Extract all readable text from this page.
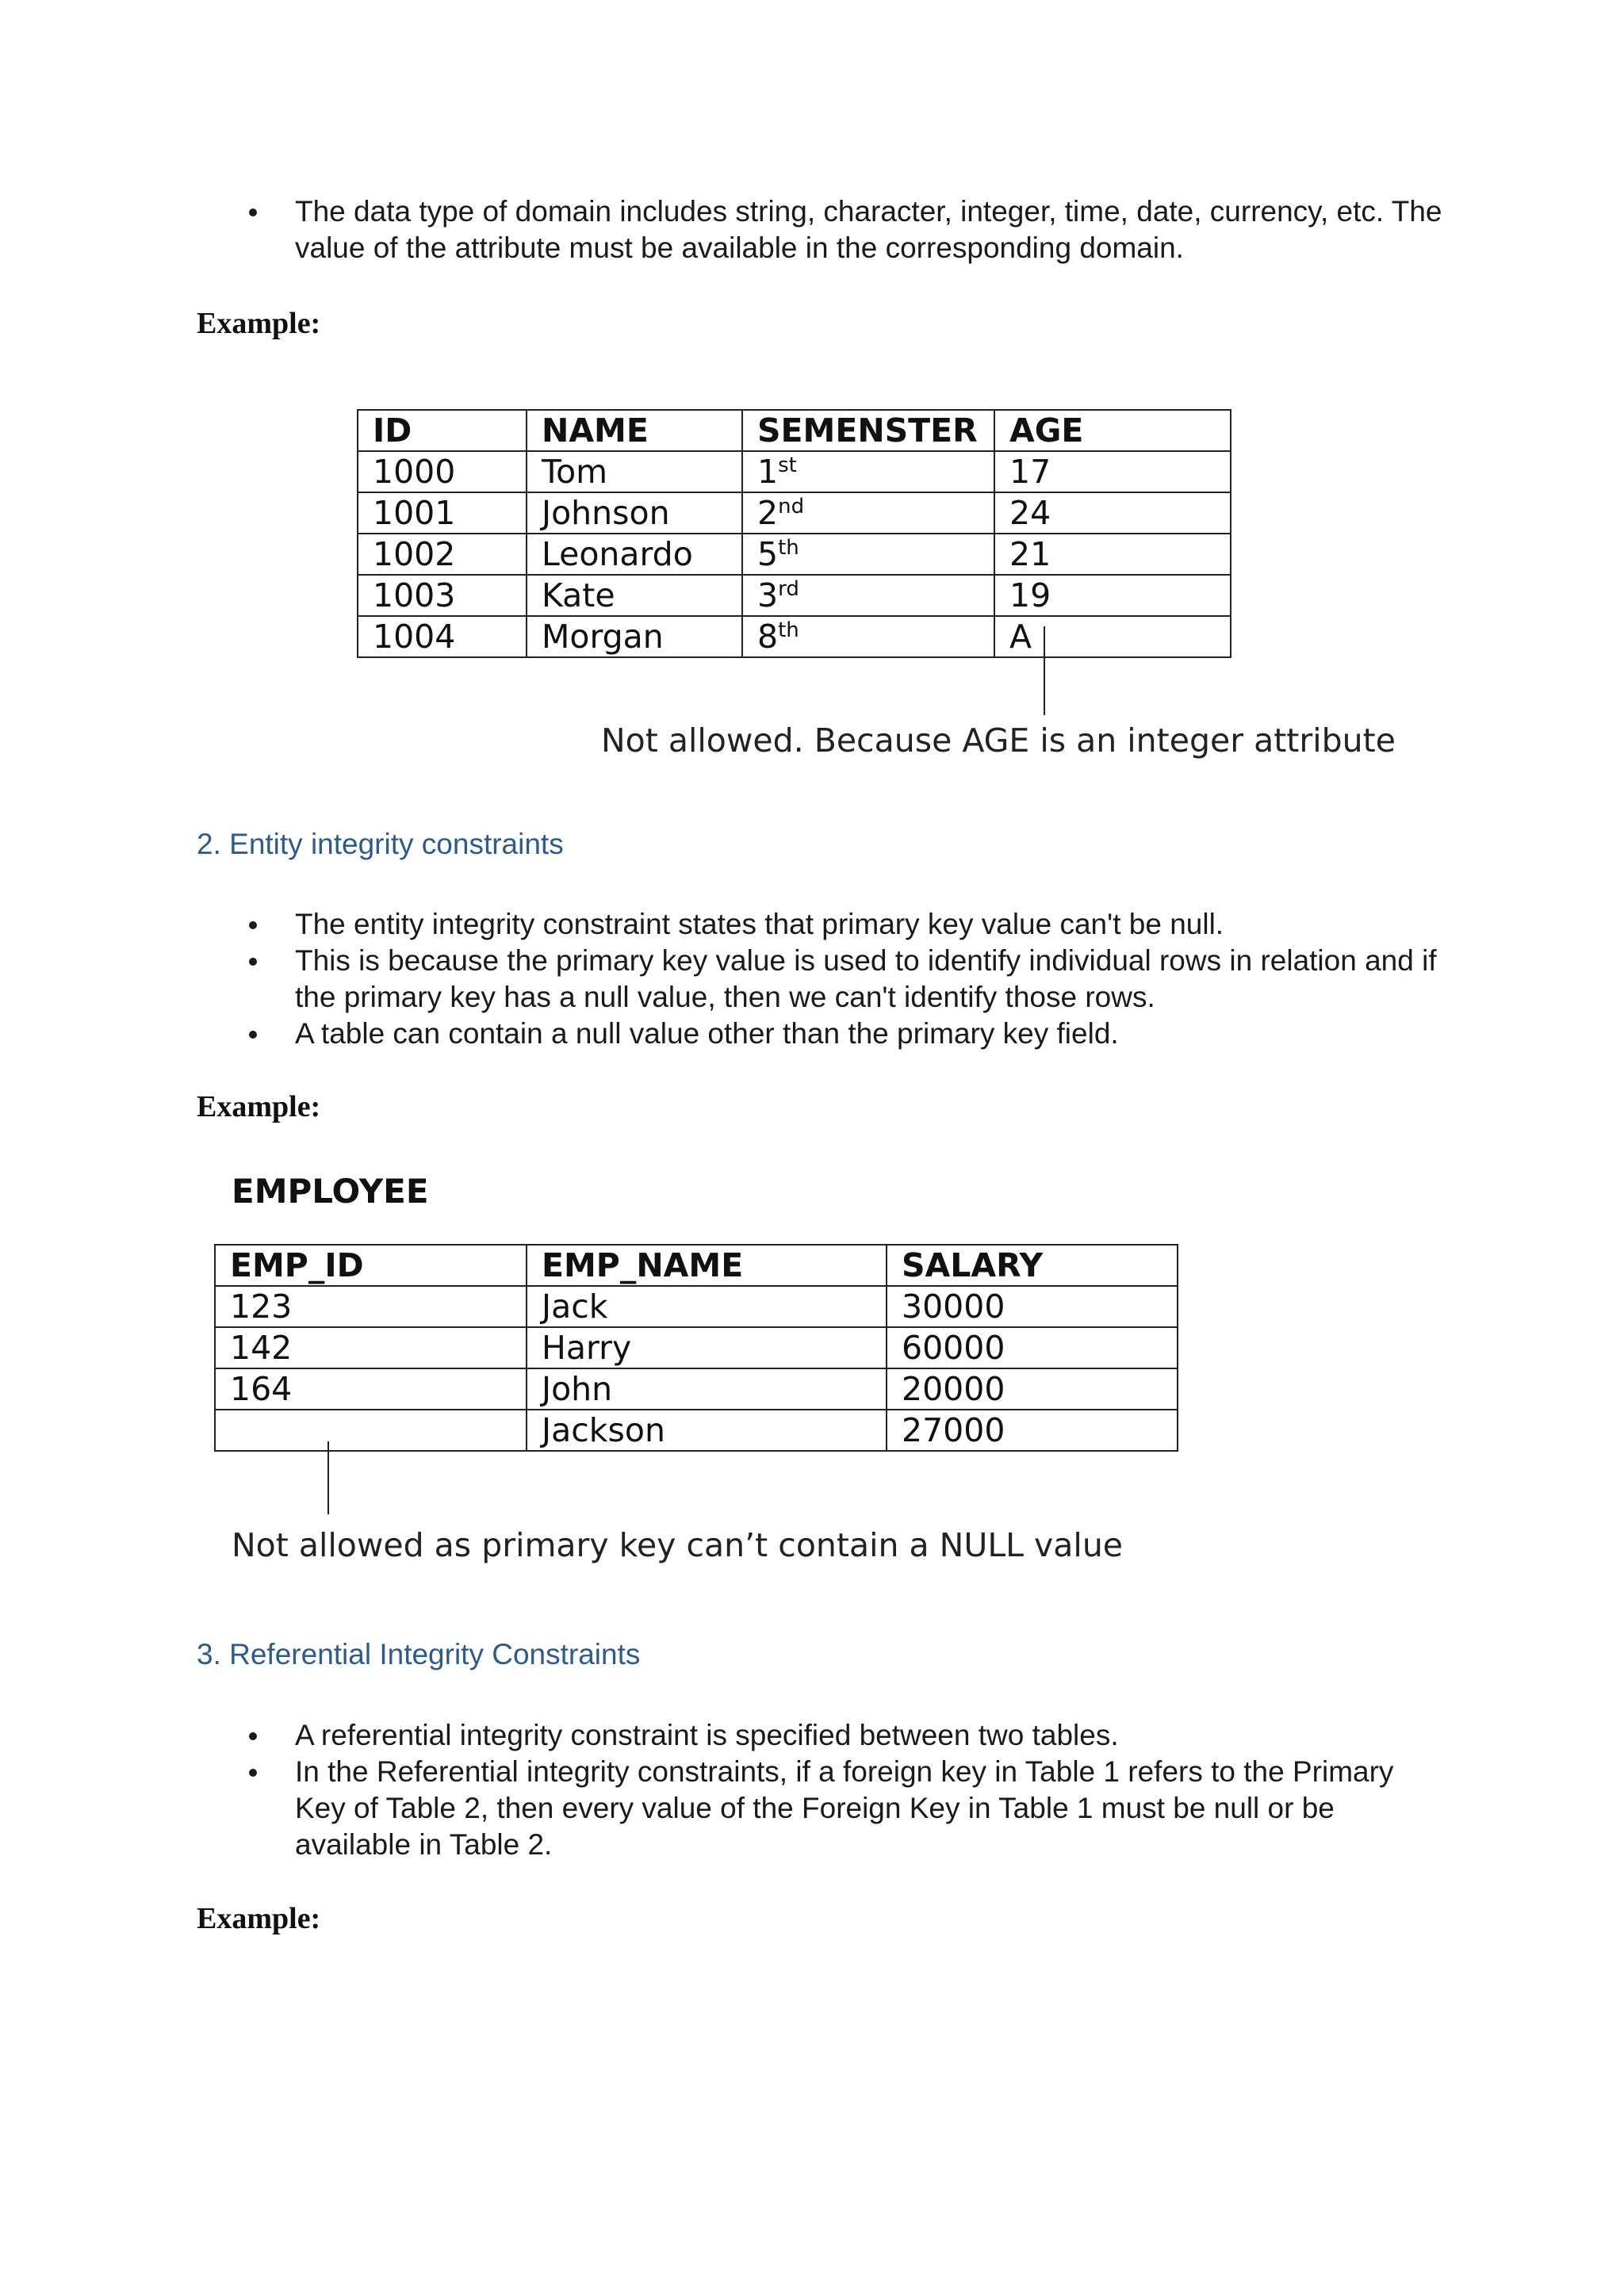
The data type of domain includes string, character, integer, time, date, currency, etc. The value of the attribute must be available in the corresponding domain.
Example:
ID	NAME	SEMENSTER	AGE
1000	Tom	1st	17
1001	Johnson	2nd	24
1002	Leonardo	5th	21
1003	Kate	3rd	19
1004	Morgan	8th	A
Not allowed. Because AGE is an integer attribute
2. Entity integrity constraints
The entity integrity constraint states that primary key value can't be null.
This is because the primary key value is used to identify individual rows in relation and if the primary key has a null value, then we can't identify those rows.
A table can contain a null value other than the primary key field.
Example:
EMPLOYEE
EMP_ID	EMP_NAME	SALARY
123	Jack	30000
142	Harry	60000
164	John	20000
	Jackson	27000
Not allowed as primary key can’t contain a NULL value
3. Referential Integrity Constraints
A referential integrity constraint is specified between two tables.
In the Referential integrity constraints, if a foreign key in Table 1 refers to the Primary Key of Table 2, then every value of the Foreign Key in Table 1 must be null or be available in Table 2.
Example:
